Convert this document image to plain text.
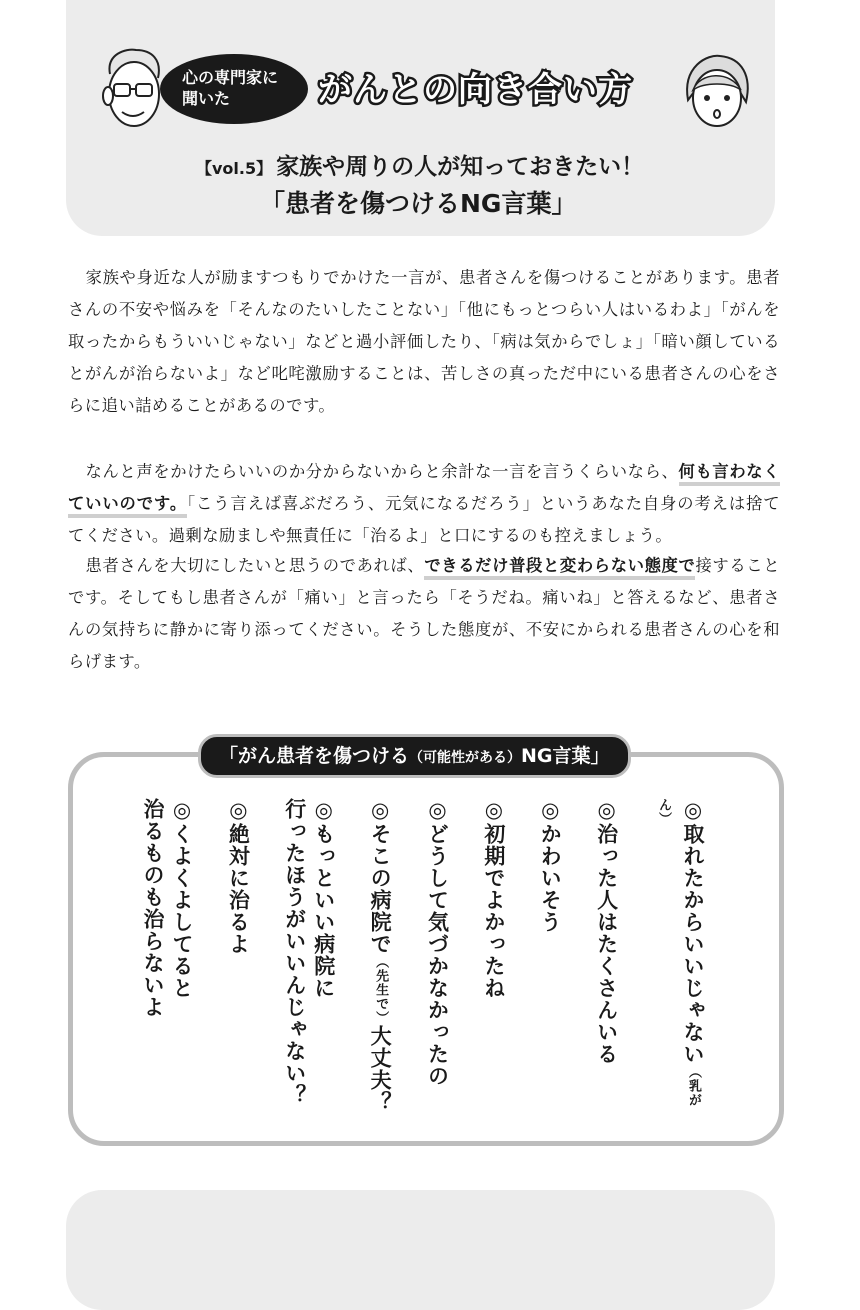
心の専門家に
聞いた	がんとの向き合い方
【vol.5】 家族や周りの人が知っておきたい！
「患者を傷つけるNG言葉」
家族や身近な人が励ますつもりでかけた一言が、患者さんを傷つけることがあります。患者さんの不安や悩みを「そんなのたいしたことない」「他にもっとつらい人はいるわよ」「がんを取ったからもういいじゃない」などと過小評価したり、「病は気からでしょ」「暗い顔しているとがんが治らないよ」など叱咤激励することは、苦しさの真っただ中にいる患者さんの心をさらに追い詰めることがあるのです。
なんと声をかけたらいいのか分からないからと余計な一言を言うくらいなら、何も言わなくていいのです。「こう言えば喜ぶだろう、元気になるだろう」というあなた自身の考えは捨ててください。過剰な励ましや無責任に「治るよ」と口にするのも控えましょう。
患者さんを大切にしたいと思うのであれば、できるだけ普段と変わらない態度で接することです。そしてもし患者さんが「痛い」と言ったら「そうだね。痛いね」と答えるなど、患者さんの気持ちに静かに寄り添ってください。そうした態度が、不安にかられる患者さんの心を和らげます。
「がん患者を傷つける（可能性がある）NG言葉」
◎取れたからいいじゃない（乳がん）
◎治った人はたくさんいる
◎かわいそう
◎初期でよかったね
◎どうして気づかなかったの
◎そこの病院で（先生で）大丈夫？
◎もっといい病院に
行ったほうがいいんじゃない？
◎絶対に治るよ
◎くよくよしてると
治るものも治らないよ
